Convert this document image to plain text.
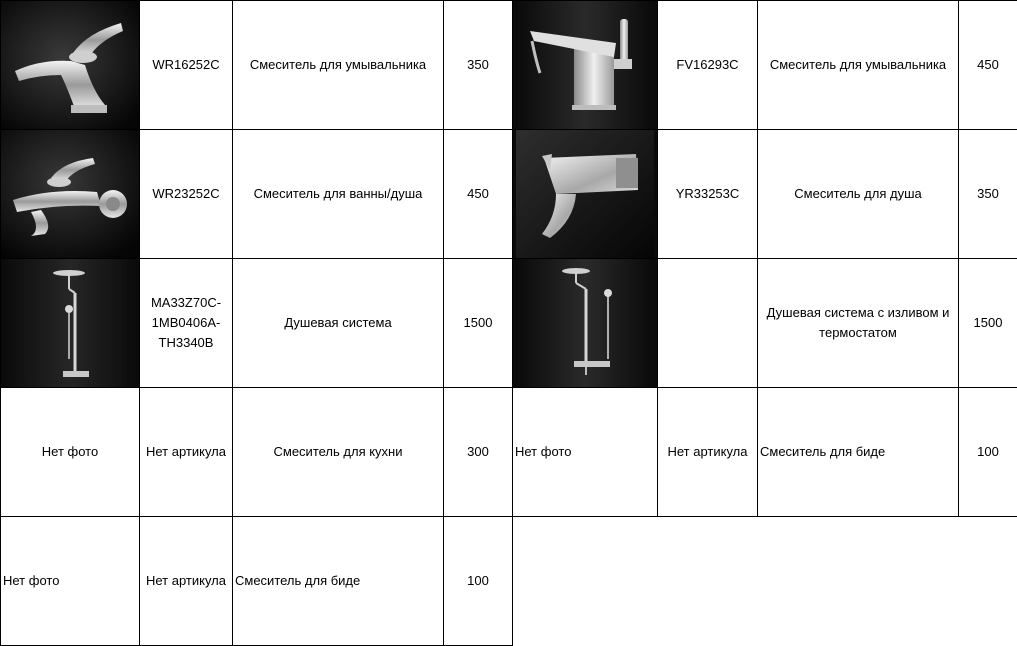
	WR16252C	Смеситель для умывальника	350		FV16293C	Смеситель для умывальника	450

	WR23252C	Смеситель для ванны/душа	450		YR33253C	Смеситель для душа	350

	MA33Z70C-1MB0406A-TH3340B	Душевая система	1500			Душевая система с изливом и термостатом	1500
Нет фото	Нет артикула	Смеситель для кухни	300	Нет фото	Нет артикула	Смеситель для биде	100
Нет фото	Нет артикула	Смеситель для биде	100				
